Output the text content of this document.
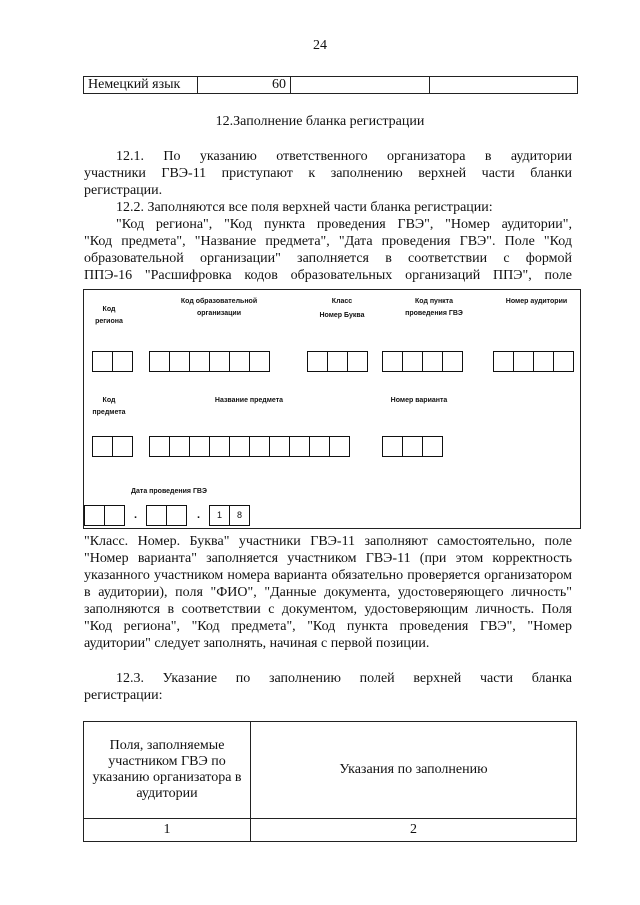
24
Немецкий язык	60		
12.Заполнение бланка регистрации
12.1. По указанию ответственного организатора в аудитории
участники ГВЭ-11 приступают к заполнению верхней части бланки
регистрации.
12.2. Заполняются все поля верхней части бланка регистрации:
"Код региона", "Код пункта проведения ГВЭ", "Номер аудитории",
"Код предмета", "Название предмета", "Дата проведения ГВЭ". Поле "Код
образовательной организации" заполняется в соответствии с формой
ППЭ-16 "Расшифровка кодов образовательных организаций ППЭ", поле
Код
региона
Код образовательной
организации
Класс
Номер Буква
Код пункта
проведения ГВЭ
Номер аудитории
Код
предмета
Название предмета	Номер варианта
Дата проведения ГВЭ
.	.	1	8
"Класс. Номер. Буква" участники ГВЭ-11 заполняют самостоятельно, поле "Номер варианта" заполняется участником ГВЭ-11 (при этом корректность указанного участником номера варианта обязательно проверяется организатором в аудитории), поля "ФИО", "Данные документа, удостоверяющего личность" заполняются в соответствии с документом, удостоверяющим личность. Поля "Код региона", "Код предмета", "Код пункта проведения ГВЭ", "Номер аудитории" следует заполнять, начиная с первой позиции.
12.3. Указание по заполнению полей верхней части бланка
регистрации:
Поля, заполняемые участником ГВЭ по указанию организатора в аудитории	Указания по заполнению
1	2
